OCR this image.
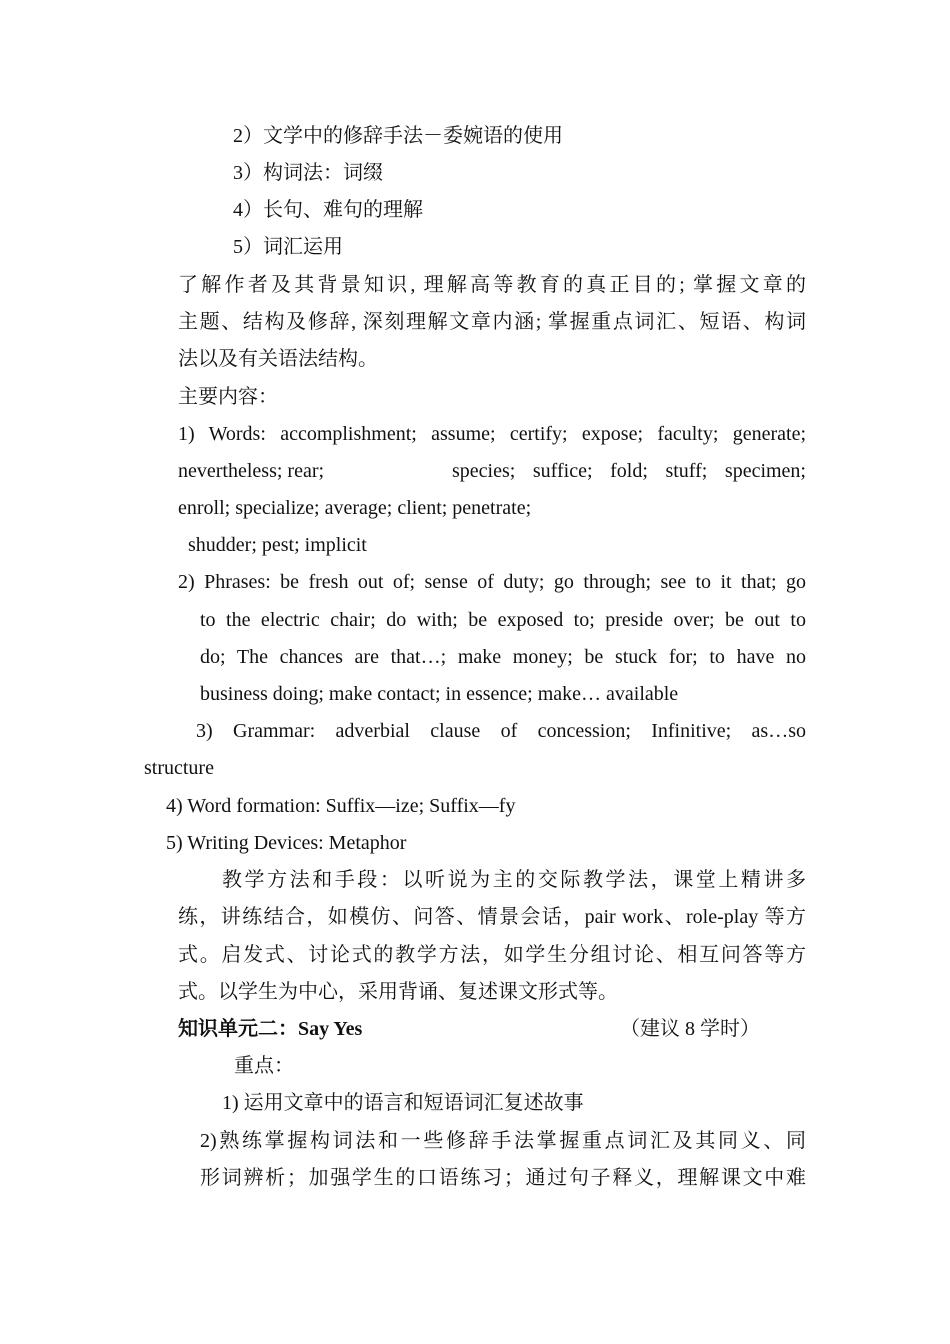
2）文学中的修辞手法－委婉语的使用
3）构词法：词缀
4）长句、难句的理解
5）词汇运用
了解作者及其背景知识, 理解高等教育的真正目的; 掌握文章的
主题、结构及修辞, 深刻理解文章内涵; 掌握重点词汇、短语、构词
法以及有关语法结构。
主要内容：
1) Words: accomplishment; assume; certify; expose; faculty; generate;
nevertheless; rear;	species; suffice; fold; stuff; specimen;
enroll; specialize; average; client; penetrate;
shudder; pest; implicit
2) Phrases: be fresh out of; sense of duty; go through; see to it that; go
to the electric chair; do with; be exposed to; preside over; be out to
do; The chances are that…; make money; be stuck for; to have no
business doing; make contact; in essence; make… available
3) Grammar: adverbial clause of concession; Infinitive; as…so
structure
4) Word formation: Suffix—ize; Suffix—fy
5) Writing Devices: Metaphor
教学方法和手段：以听说为主的交际教学法，课堂上精讲多
练，讲练结合，如模仿、问答、情景会话，pair work、role-play 等方
式。启发式、讨论式的教学方法，如学生分组讨论、相互问答等方
式。以学生为中心，采用背诵、复述课文形式等。
知识单元二：Say Yes	（建议 8 学时）
重点：
1) 运用文章中的语言和短语词汇复述故事
2)熟练掌握构词法和一些修辞手法掌握重点词汇及其同义、同
形词辨析；加强学生的口语练习；通过句子释义，理解课文中难
